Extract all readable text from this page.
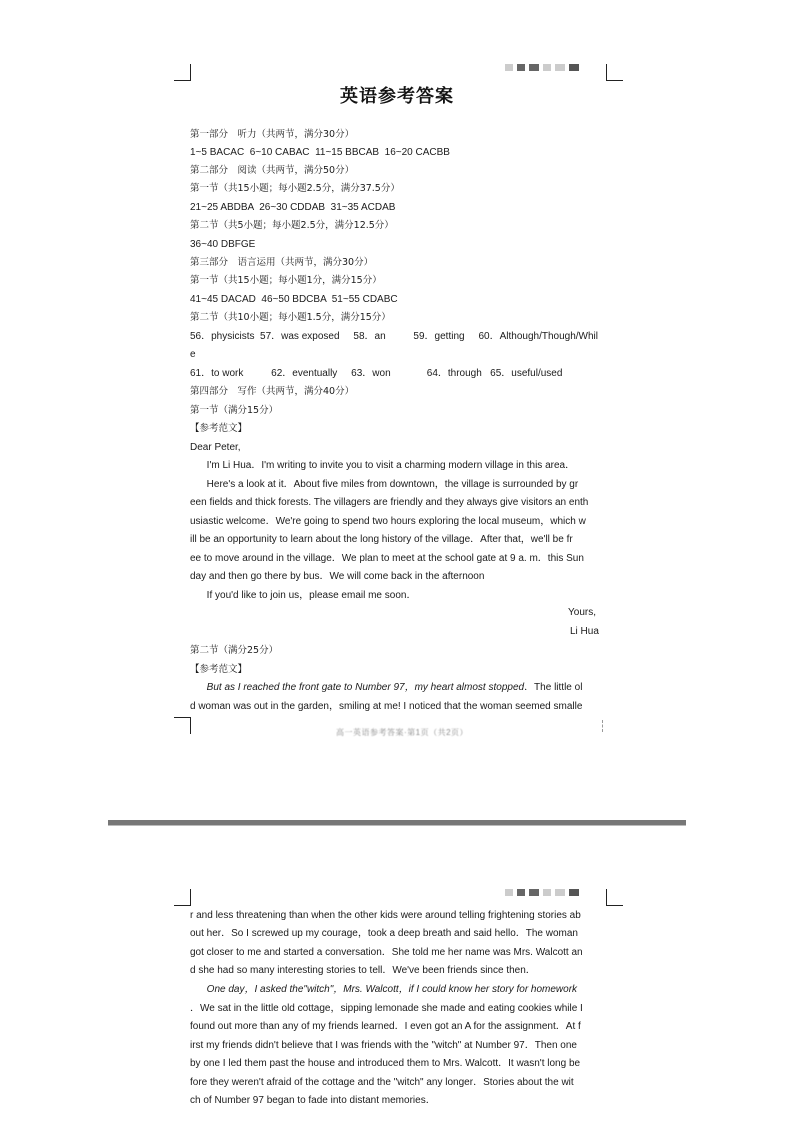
英语参考答案
第一部分　听力（共两节，满分30分）
1~5 BACAC  6~10 CABAC  11~15 BBCAB  16~20 CACBB
第二部分　阅读（共两节，满分50分）
第一节（共15小题；每小题2.5分，满分37.5分）
21~25 ABDBA  26~30 CDDAB  31~35 ACDAB
第二节（共5小题；每小题2.5分，满分12.5分）
36~40 DBFGE
第三部分　语言运用（共两节，满分30分）
第一节（共15小题；每小题1分，满分15分）
41~45 DACAD  46~50 BDCBA  51~55 CDABC
第二节（共10小题；每小题1.5分，满分15分）
56．physicists  57．was exposed     58．an          59．getting     60．Although/Though/Whil
e
61．to work          62．eventually     63．won             64．through   65．useful/used
第四部分　写作（共两节，满分40分）
第一节（满分15分）
【参考范文】
Dear Peter,
I'm Li Hua．I'm writing to invite you to visit a charming modern village in this area．
Here's a look at it．About five miles from downtown，the village is surrounded by gr
een fields and thick forests. The villagers are friendly and they always give visitors an enth
usiastic welcome．We're going to spend two hours exploring the local museum，which w
ill be an opportunity to learn about the long history of the village．After that，we'll be fr
ee to move around in the village．We plan to meet at the school gate at 9 a. m．this Sun
day and then go there by bus．We will come back in the afternoon
If you'd like to join us，please email me soon．
第二节（满分25分）
【参考范文】
d woman was out in the garden，smiling at me! I noticed that the woman seemed smalle
Yours,
Li Hua
But as I reached the front gate to Number 97，my heart almost stopped．The little ol
高一英语参考答案·第1页（共2页）
r and less threatening than when the other kids were around telling frightening stories ab
out her．So I screwed up my courage，took a deep breath and said hello．The woman
got closer to me and started a conversation．She told me her name was Mrs. Walcott an
d she had so many interesting stories to tell．We've been friends since then．
．We sat in the little old cottage，sipping lemonade she made and eating cookies while I
found out more than any of my friends learned．I even got an A for the assignment．At f
irst my friends didn't believe that I was friends with the "witch" at Number 97．Then one
by one I led them past the house and introduced them to Mrs. Walcott．It wasn't long be
fore they weren't afraid of the cottage and the "witch" any longer．Stories about the wit
ch of Number 97 began to fade into distant memories．
One day，I asked the"witch"，Mrs. Walcott，if I could know her story for homework
